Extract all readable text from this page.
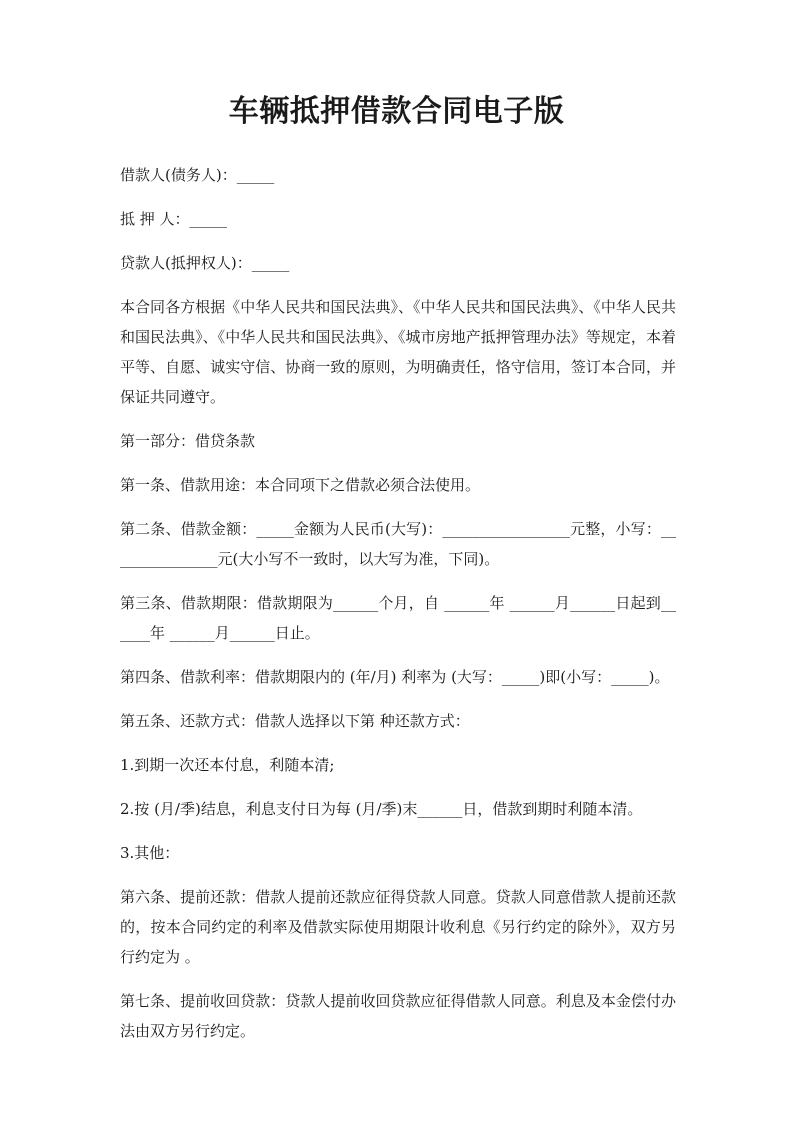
车辆抵押借款合同电子版

借款人(债务人)：_____

抵 押 人：_____

贷款人(抵押权人)：_____

本合同各方根据《中华人民共和国民法典》、《中华人民共和国民法典》、《中华人民共和国民法典》、《中华人民共和国民法典》、《城市房地产抵押管理办法》等规定，本着平等、自愿、诚实守信、协商一致的原则，为明确责任，恪守信用，签订本合同，并保证共同遵守。

第一部分：借贷条款

第一条、借款用途：本合同项下之借款必须合法使用。

第二条、借款金额：_____金额为人民币(大写)：_________________元整，小写：_______________元(大小写不一致时，以大写为准，下同)。

第三条、借款期限：借款期限为______个月，自 ______年 ______月______日起到______年 ______月______日止。

第四条、借款利率：借款期限内的 (年/月) 利率为 (大写：_____)即(小写：_____)。

第五条、还款方式：借款人选择以下第 种还款方式：

1.到期一次还本付息，利随本清;

2.按 (月/季)结息，利息支付日为每 (月/季)末______日，借款到期时利随本清。

3.其他：

第六条、提前还款：借款人提前还款应征得贷款人同意。贷款人同意借款人提前还款的，按本合同约定的利率及借款实际使用期限计收利息《另行约定的除外》，双方另行约定为 。

第七条、提前收回贷款：贷款人提前收回贷款应征得借款人同意。利息及本金偿付办法由双方另行约定。
